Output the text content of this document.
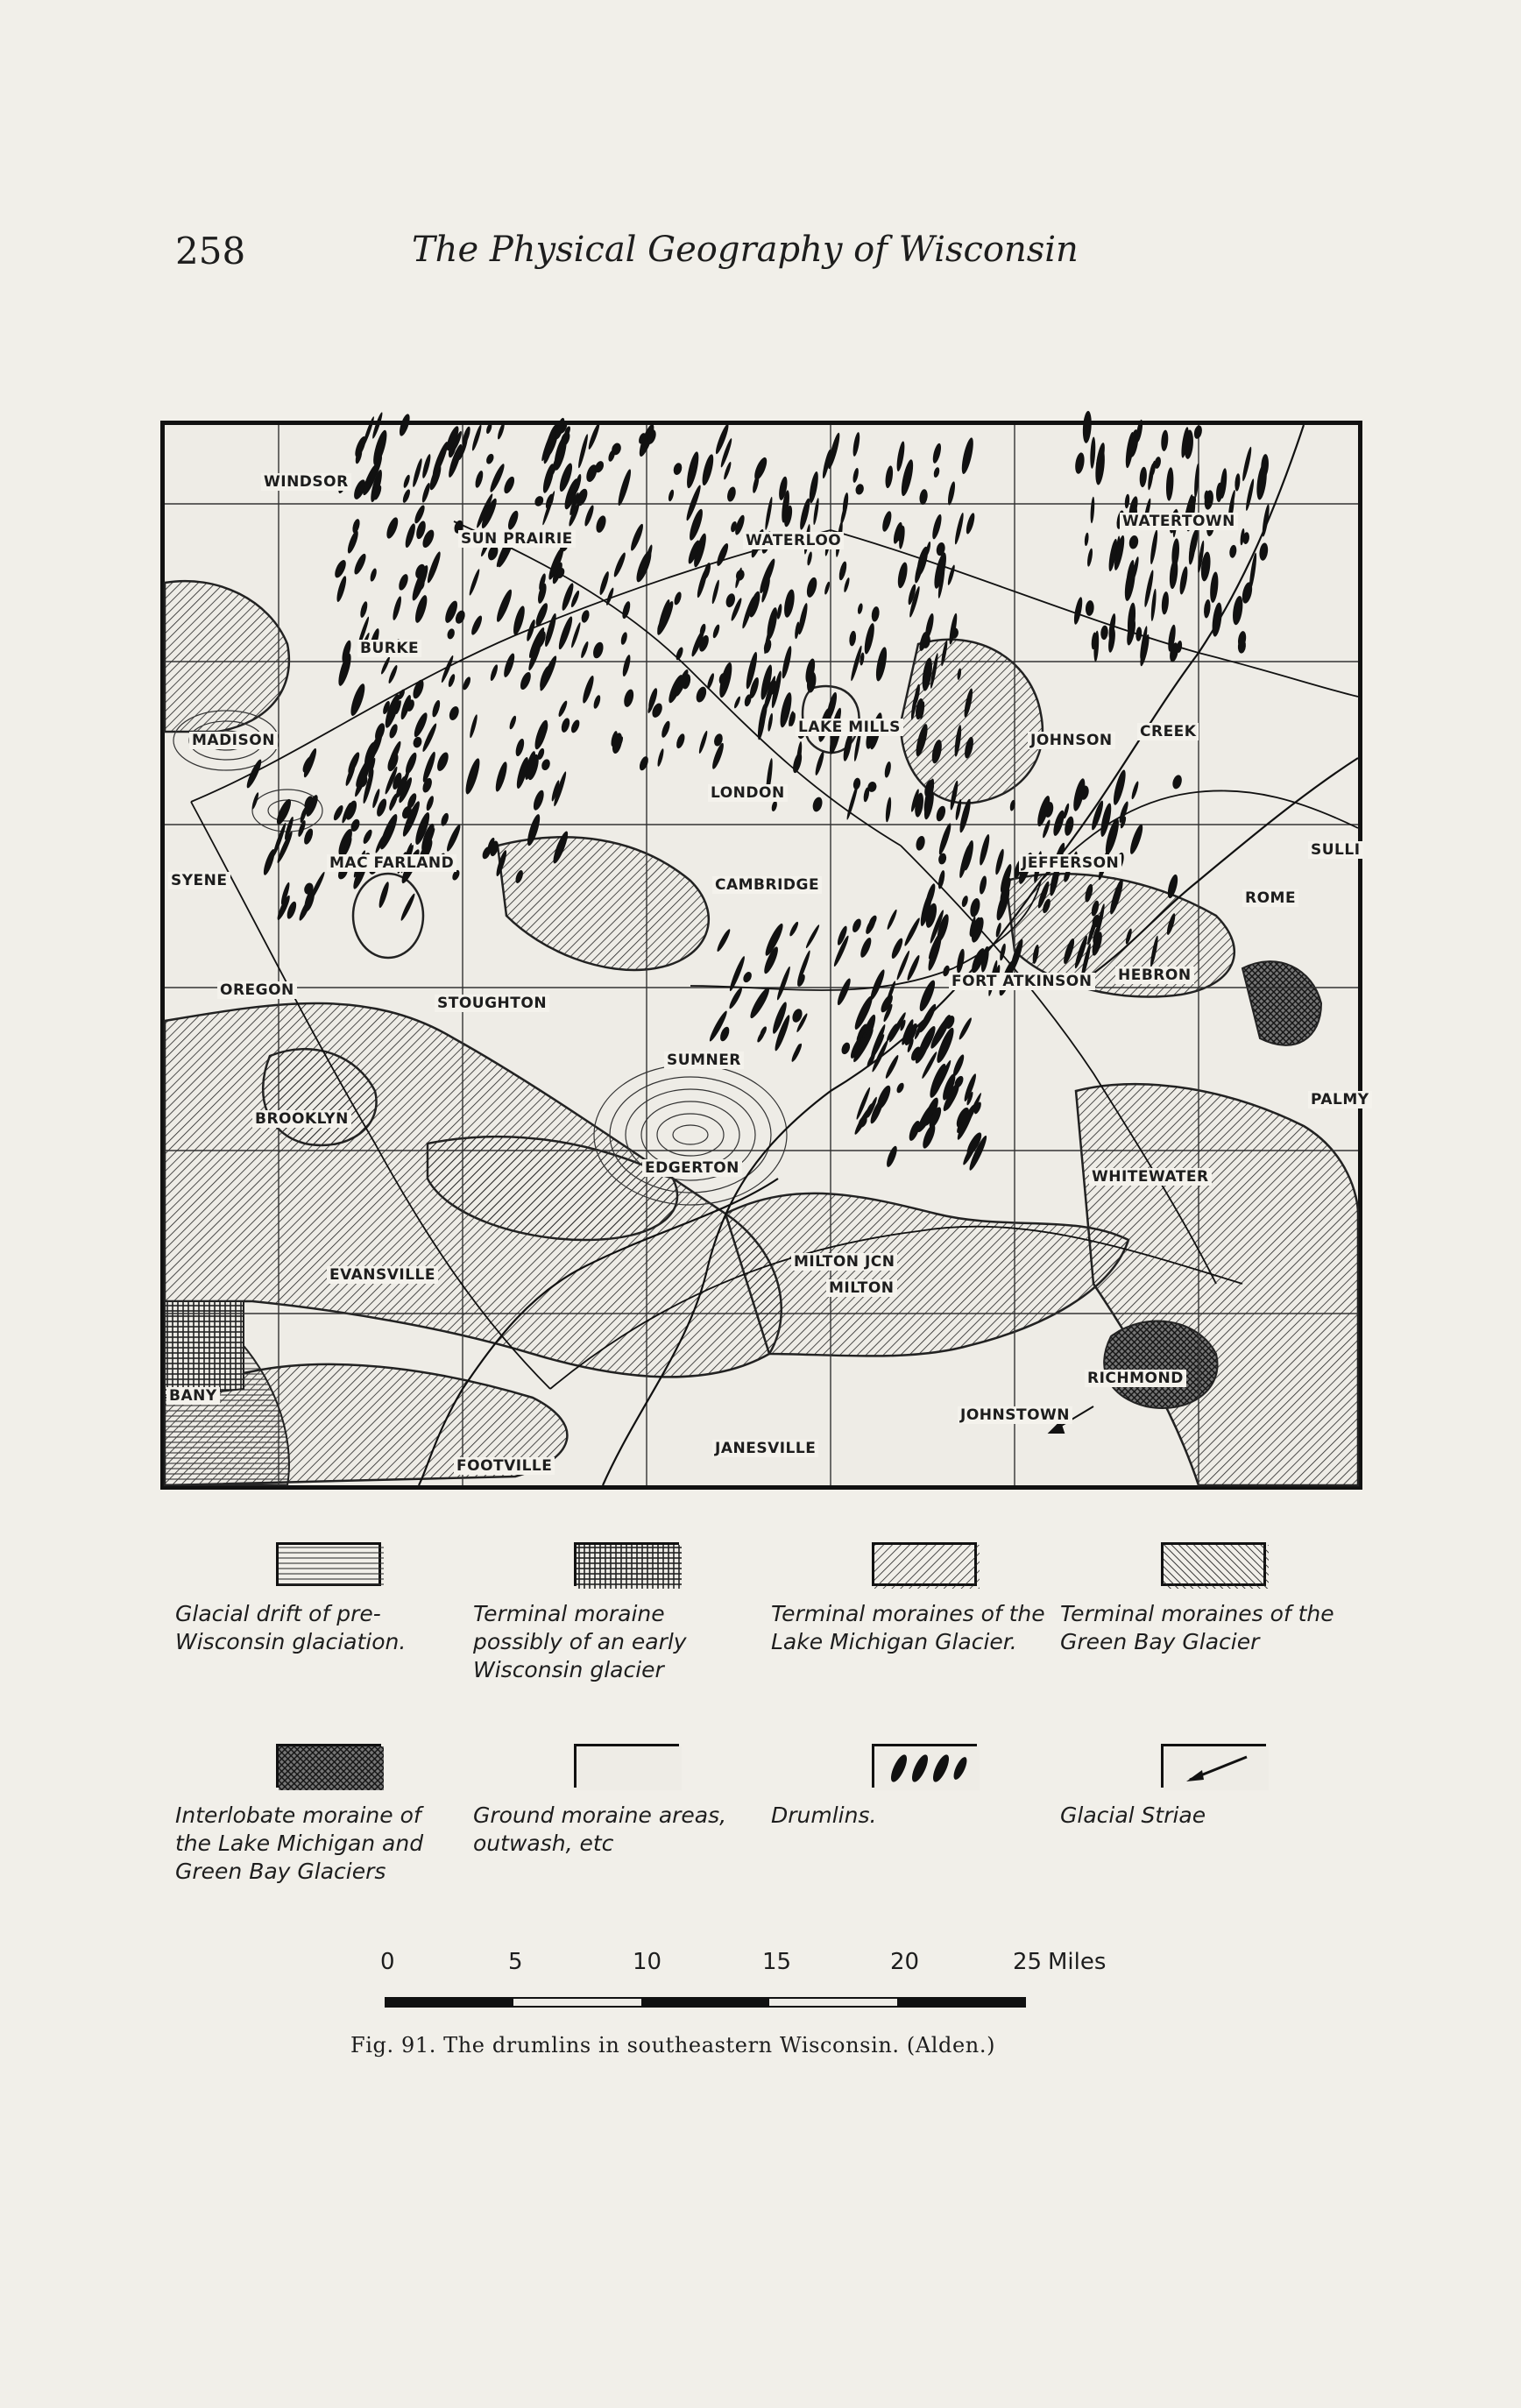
258	The Physical Geography of Wisconsin
WINDSOR
SUN PRAIRIE	WATERLOO
WATERTOWN
BURKE
MADISON
LAKE MILLS
JOHNSON CREEK
LONDON
SULLI
SYENE
MAC FARLAND
CAMBRIDGE
JEFFERSON
ROME
OREGON
STOUGHTON
FORT ATKINSON HEBRON
SUMNER
PALMY
BROOKLYN
EDGERTON	WHITEWATER
EVANSVILLE
MILTON JCN
MILTON
BANY
RICHMOND
JOHNSTOWN
FOOTVILLE
JANESVILLE
Glacial drift of pre-Wisconsin glaciation.
Terminal moraine possibly of an early Wisconsin glacier
Terminal moraines of the Lake Michigan Glacier.
Terminal moraines of the Green Bay Glacier
Interlobate moraine of the Lake Michigan and Green Bay Glaciers
Ground moraine areas, outwash, etc
Drumlins.	Glacial Striae
0	5	10	15	20	25 Miles
Fig. 91. The drumlins in southeastern Wisconsin. (Alden.)
